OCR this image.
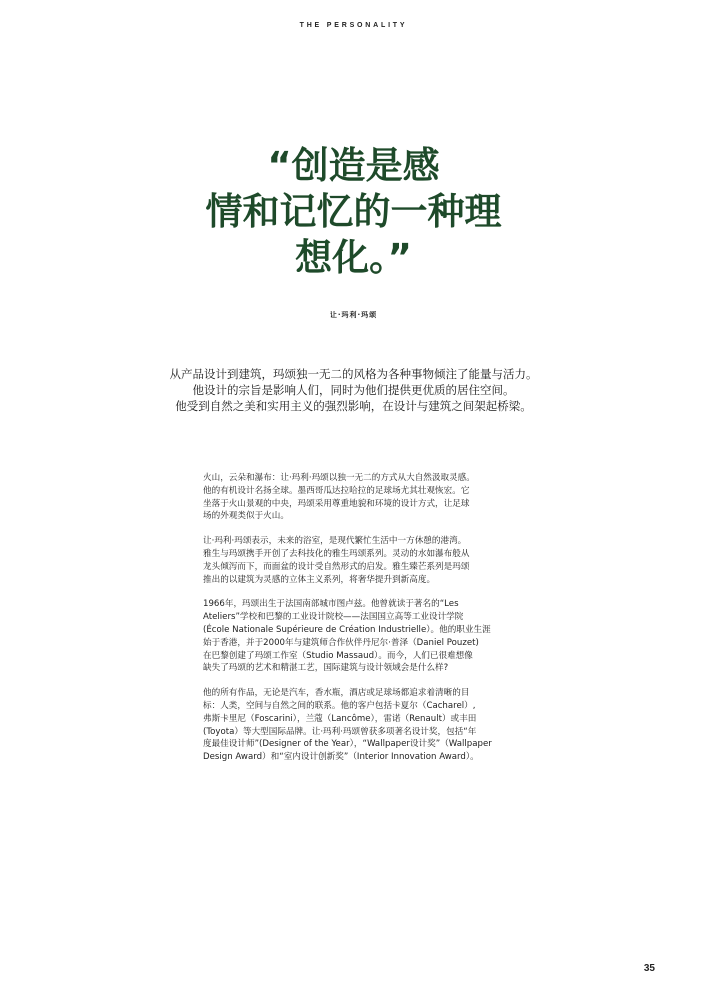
THE PERSONALITY
“创造是感
情和记忆的一种理
想化。”
让·玛利·玛颂
从产品设计到建筑，玛颂独一无二的风格为各种事物倾注了能量与活力。
他设计的宗旨是影响人们，同时为他们提供更优质的居住空间。
他受到自然之美和实用主义的强烈影响，在设计与建筑之间架起桥梁。

火山，云朵和瀑布：让·玛利·玛颂以独一无二的方式从大自然汲取灵感。
他的有机设计名扬全球。墨西哥瓜达拉哈拉的足球场尤其壮观恢宏。它
坐落于火山景观的中央，玛颂采用尊重地貌和环境的设计方式，让足球
场的外观类似于火山。

让·玛利·玛颂表示，未来的浴室，是现代繁忙生活中一方休憩的港湾。
雅生与玛颂携手开创了去科技化的雅生玛颂系列。灵动的水如瀑布般从
龙头倾泻而下，而面盆的设计受自然形式的启发。雅生臻芒系列是玛颂
推出的以建筑为灵感的立体主义系列，将奢华提升到新高度。

1966年，玛颂出生于法国南部城市图卢兹。他曾就读于著名的“Les
Ateliers”学校和巴黎的工业设计院校——法国国立高等工业设计学院
(École Nationale Supérieure de Création Industrielle）。他的职业生涯
始于香港，并于2000年与建筑师合作伙伴丹尼尔·普泽（Daniel Pouzet)
在巴黎创建了玛颂工作室（Studio Massaud）。而今，人们已很难想像
缺失了玛颂的艺术和精湛工艺，国际建筑与设计领域会是什么样?

他的所有作品，无论是汽车，香水瓶，酒店或足球场都追求着清晰的目
标：人类，空间与自然之间的联系。他的客户包括卡夏尔（Cacharel）,
弗斯卡里尼（Foscarini），兰蔻（Lancôme），雷诺（Renault）或丰田
(Toyota）等大型国际品牌。让·玛利·玛颂曾获多项著名设计奖，包括“年
度最佳设计师”(Designer of the Year），“Wallpaper设计奖”（Wallpaper
Design Award）和“室内设计创新奖”（Interior Innovation Award）。

35
